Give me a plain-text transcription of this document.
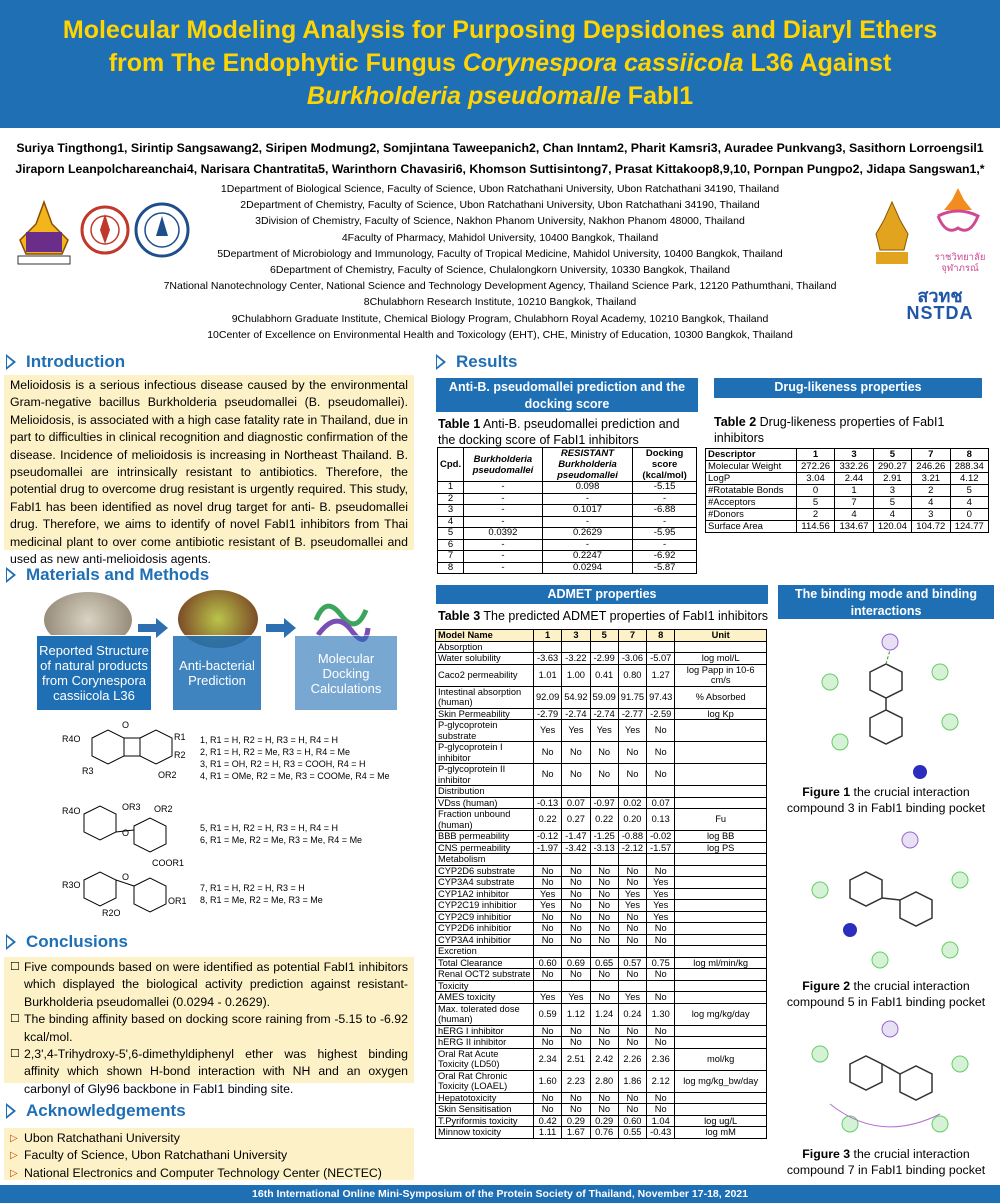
Molecular Modeling Analysis for Purposing Depsidones and Diaryl Ethers
from The Endophytic Fungus Corynespora cassiicola L36 Against
Burkholderia pseudomalle FabI1
Suriya Tingthong1, Sirintip Sangsawang2, Siripen Modmung2, Somjintana Taweepanich2, Chan Inntam2, Pharit Kamsri3, Auradee Punkvang3, Sasithorn Lorroengsil1
Jiraporn Leanpolchareanchai4, Narisara Chantratita5, Warinthorn Chavasiri6, Khomson Suttisintong7, Prasat Kittakoop8,9,10, Pornpan Pungpo2, Jidapa Sangswan1,*
1Department of Biological Science, Faculty of Science, Ubon Ratchathani University, Ubon Ratchathani 34190, Thailand
2Department of Chemistry, Faculty of Science, Ubon Ratchathani University, Ubon Ratchathani 34190, Thailand
3Division of Chemistry, Faculty of Science, Nakhon Phanom University, Nakhon Phanom 48000, Thailand
4Faculty of Pharmacy, Mahidol University, 10400 Bangkok, Thailand
5Department of Microbiology and Immunology, Faculty of Tropical Medicine, Mahidol University, 10400 Bangkok, Thailand
6Department of Chemistry, Faculty of Science, Chulalongkorn University, 10330 Bangkok, Thailand
7National Nanotechnology Center, National Science and Technology Development Agency, Thailand Science Park, 12120 Pathumthani, Thailand
8Chulabhorn Research Institute, 10210 Bangkok, Thailand
9Chulabhorn Graduate Institute, Chemical Biology Program, Chulabhorn Royal Academy, 10210 Bangkok, Thailand
10Center of Excellence on Environmental Health and Toxicology (EHT), CHE, Ministry of Education, 10300 Bangkok, Thailand
ราชวิทยาลัย
จุฬาภรณ์
สวทช
NSTDA
Introduction
Melioidosis is a serious infectious disease caused by the environmental Gram-negative bacillus Burkholderia pseudomallei (B. pseudomallei). Melioidosis, is associated with a high case fatality rate in Thailand, due in part to difficulties in clinical recognition and diagnostic confirmation of the disease. Incidence of melioidosis is increasing in Northeast Thailand. B. pseudomallei are intrinsically resistant to antibiotics. Therefore, the potential drug to overcome drug resistant is urgently required. This study, FabI1 has been identified as novel drug target for anti- B. pseudomallei drug. Therefore, we aims to identify of novel FabI1 inhibitors from Thai medicinal plant to over come antibiotic resistant of B. pseudomallei and used as new anti-melioidosis agents.
Materials and Methods
Reported Structure of natural products from Corynespora cassiicola L36
Anti-bacterial Prediction
Molecular Docking Calculations
R4O
R2
R1
O
OR2
R3
1, R1 = H, R2 = H, R3 = H, R4 = H
2, R1 = H, R2 = Me, R3 = H, R4 = Me
3, R1 = OH, R2 = H, R3 = COOH, R4 = H
4, R1 = OMe, R2 = Me, R3 = COOMe, R4 = Me
R4O	OR3 OR2
COOR1
O	5, R1 = H, R2 = H, R3 = H, R4 = H
6, R1 = Me, R2 = Me, R3 = Me, R4 = Me
R3O
R2O
OR1
O
7, R1 = H, R2 = H, R3 = H
8, R1 = Me, R2 = Me, R3 = Me
Conclusions
☐ Five compounds based on were identified as potential FabI1 inhibitors which displayed the biological activity prediction against resistant- Burkholderia pseudomallei (0.0294 - 0.2629).
☐ The binding affinity based on docking score raining from -5.15 to -6.92 kcal/mol.
☐ 2,3',4-Trihydroxy-5',6-dimethyldiphenyl ether was highest binding affinity which shown H-bond interaction with NH and an oxygen carbonyl of Gly96 backbone in FabI1 binding site.
Acknowledgements
▷ Ubon Ratchathani University
▷ Faculty of Science, Ubon Ratchathani University
▷ National Electronics and Computer Technology Center (NECTEC)
Results
Anti-B. pseudomallei prediction and the docking score
Drug-likeness properties
Table 1 Anti-B. pseudomallei prediction and the docking score of FabI1 inhibitors
Cpd.	Burkholderia pseudomallei	RESISTANT Burkholderia pseudomallei	Docking score (kcal/mol)
1	-	0.098	-5.15
2	-	-	-
3	-	0.1017	-6.88
4	-	-	-
5	0.0392	0.2629	-5.95
6	-	-	-
7	-	0.2247	-6.92
8	-	0.0294	-5.87
Table 2 Drug-likeness properties of FabI1 inhibitors
Descriptor	1	3	5	7	8
Molecular Weight	272.26	332.26	290.27	246.26	288.34
LogP	3.04	2.44	2.91	3.21	4.12
#Rotatable Bonds	0	1	3	2	5
#Acceptors	5	7	5	4	4
#Donors	2	4	4	3	0
Surface Area	114.56	134.67	120.04	104.72	124.77
ADMET properties
Table 3 The predicted ADMET properties of FabI1 inhibitors
Model Name	1	3	5	7	8	Unit
Absorption						
Water solubility	-3.63	-3.22	-2.99	-3.06	-5.07	log mol/L
Caco2 permeability	1.01	1.00	0.41	0.80	1.27	log Papp in 10-6 cm/s
Intestinal absorption (human)	92.09	54.92	59.09	91.75	97.43	% Absorbed
Skin Permeability	-2.79	-2.74	-2.74	-2.77	-2.59	log Kp
P-glycoprotein substrate	Yes	Yes	Yes	Yes	No	
P-glycoprotein I inhibitor	No	No	No	No	No	
P-glycoprotein II inhibitor	No	No	No	No	No	
Distribution						
VDss (human)	-0.13	0.07	-0.97	0.02	0.07	
Fraction unbound (human)	0.22	0.27	0.22	0.20	0.13	Fu
BBB permeability	-0.12	-1.47	-1.25	-0.88	-0.02	log BB
CNS permeability	-1.97	-3.42	-3.13	-2.12	-1.57	log PS
Metabolism						
CYP2D6 substrate	No	No	No	No	No	
CYP3A4 substrate	No	No	No	No	Yes	
CYP1A2 inhibitor	Yes	No	No	Yes	Yes	
CYP2C19 inhibitior	Yes	No	No	Yes	Yes	
CYP2C9 inhibitior	No	No	No	No	Yes	
CYP2D6 inhibitior	No	No	No	No	No	
CYP3A4 inhibitior	No	No	No	No	No	
Excretion						
Total Clearance	0.60	0.69	0.65	0.57	0.75	log ml/min/kg
Renal OCT2 substrate	No	No	No	No	No	
Toxicity						
AMES toxicity	Yes	Yes	No	Yes	No	
Max. tolerated dose (human)	0.59	1.12	1.24	0.24	1.30	log mg/kg/day
hERG I inhibitor	No	No	No	No	No	
hERG II inhibitor	No	No	No	No	No	
Oral Rat Acute Toxicity (LD50)	2.34	2.51	2.42	2.26	2.36	mol/kg
Oral Rat Chronic Toxicity (LOAEL)	1.60	2.23	2.80	1.86	2.12	log mg/kg_bw/day
Hepatotoxicity	No	No	No	No	No	
Skin Sensitisation	No	No	No	No	No	
T.Pyriformis toxicity	0.42	0.29	0.29	0.60	1.04	log ug/L
Minnow toxicity	1.11	1.67	0.76	0.55	-0.43	log mM
The binding mode and binding interactions
Figure 1 the crucial interaction compound 3 in FabI1 binding pocket
Figure 2 the crucial interaction compound 5 in FabI1 binding pocket
Figure 3 the crucial interaction compound 7 in FabI1 binding pocket
16th International Online Mini-Symposium of the Protein Society of Thailand, November 17-18, 2021
